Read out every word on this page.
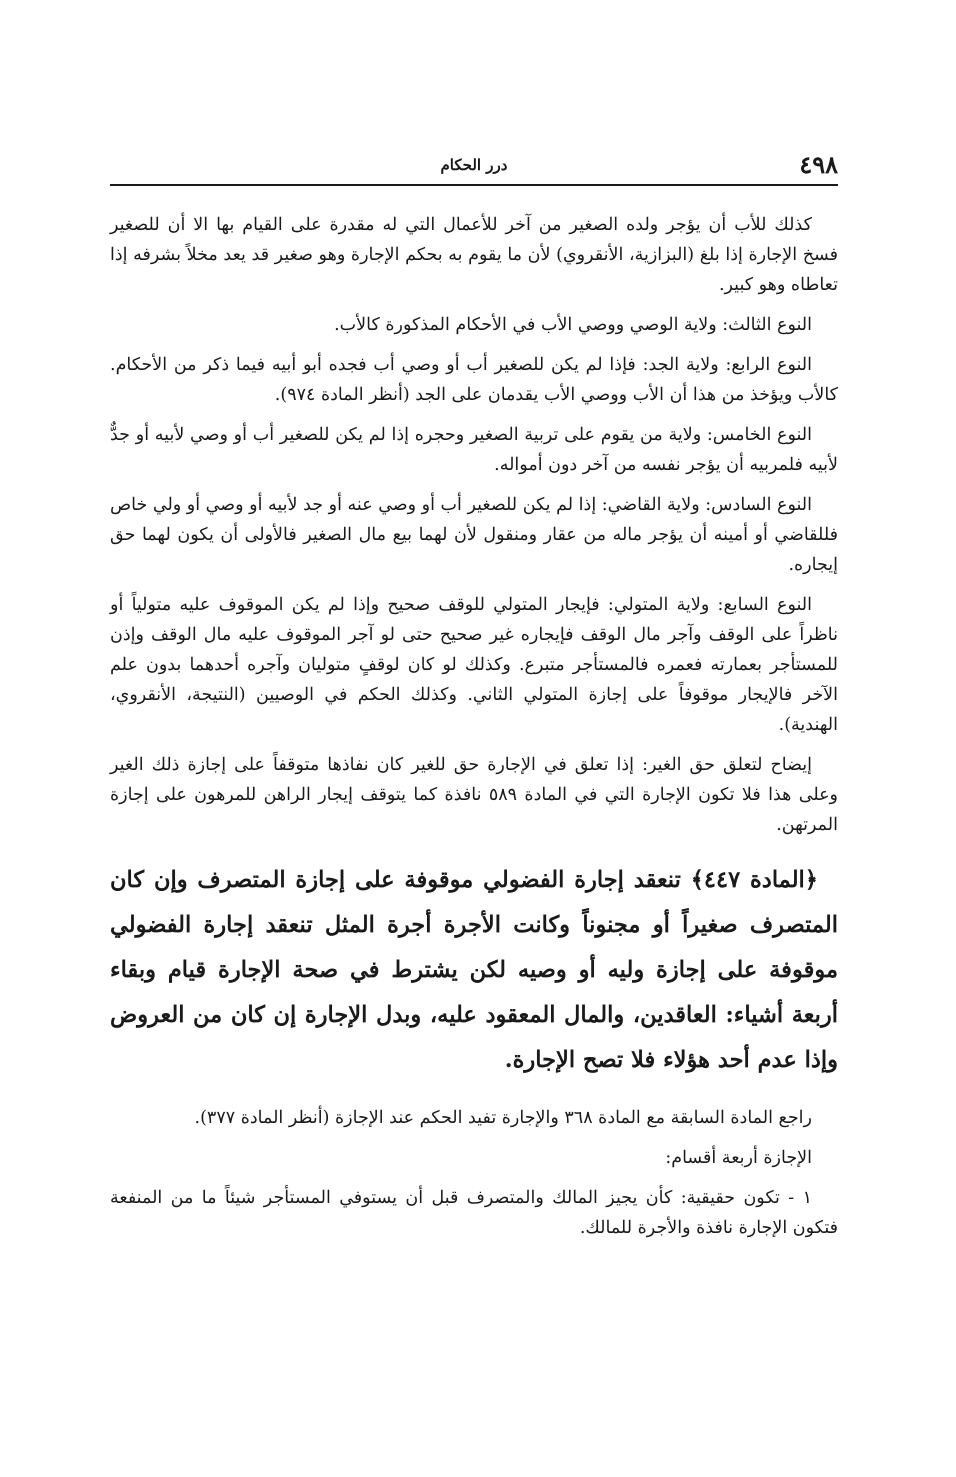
٤٩٨
درر الحكام

كذلك للأب أن يؤجر ولده الصغير من آخر للأعمال التي له مقدرة على القيام بها الا أن للصغير فسخ الإجارة إذا بلغ (البزازية، الأنقروي) لأن ما يقوم به بحكم الإجارة وهو صغير قد يعد مخلاً بشرفه إذا تعاطاه وهو كبير.

النوع الثالث: ولاية الوصي ووصي الأب في الأحكام المذكورة كالأب.

النوع الرابع: ولاية الجد: فإذا لم يكن للصغير أب أو وصي أب فجده أبو أبيه فيما ذكر من الأحكام. كالأب ويؤخذ من هذا أن الأب ووصي الأب يقدمان على الجد (أنظر المادة ٩٧٤).

النوع الخامس: ولاية من يقوم على تربية الصغير وحجره إذا لم يكن للصغير أب أو وصي لأبيه أو جدٌّ لأبيه فلمربيه أن يؤجر نفسه من آخر دون أمواله.

النوع السادس: ولاية القاضي: إذا لم يكن للصغير أب أو وصي عنه أو جد لأبيه أو وصي أو ولي خاص فللقاضي أو أمينه أن يؤجر ماله من عقار ومنقول لأن لهما بيع مال الصغير فالأولى أن يكون لهما حق إيجاره.

النوع السابع: ولاية المتولي: فإيجار المتولي للوقف صحيح وإذا لم يكن الموقوف عليه متولياً أو ناظراً على الوقف وآجر مال الوقف فإيجاره غير صحيح حتى لو آجر الموقوف عليه مال الوقف وإذن للمستأجر بعمارته فعمره فالمستأجر متبرع. وكذلك لو كان لوقفٍ متوليان وآجره أحدهما بدون علم الآخر فالإيجار موقوفاً على إجازة المتولي الثاني. وكذلك الحكم في الوصيين (النتيجة، الأنقروي، الهندية).

إيضاح لتعلق حق الغير: إذا تعلق في الإجارة حق للغير كان نفاذها متوقفاً على إجازة ذلك الغير وعلى هذا فلا تكون الإجارة التي في المادة ٥٨٩ نافذة كما يتوقف إيجار الراهن للمرهون على إجازة المرتهن.

﴿المادة ٤٤٧﴾ تنعقد إجارة الفضولي موقوفة على إجازة المتصرف وإن كان المتصرف صغيراً أو مجنوناً وكانت الأجرة أجرة المثل تنعقد إجارة الفضولي موقوفة على إجازة وليه أو وصيه لكن يشترط في صحة الإجارة قيام وبقاء أربعة أشياء: العاقدين، والمال المعقود عليه، وبدل الإجارة إن كان من العروض وإذا عدم أحد هؤلاء فلا تصح الإجارة.

راجع المادة السابقة مع المادة ٣٦٨ والإجارة تفيد الحكم عند الإجازة (أنظر المادة ٣٧٧).

الإجازة أربعة أقسام:

١ - تكون حقيقية: كأن يجيز المالك والمتصرف قبل أن يستوفي المستأجر شيئاً ما من المنفعة فتكون الإجارة نافذة والأجرة للمالك.
